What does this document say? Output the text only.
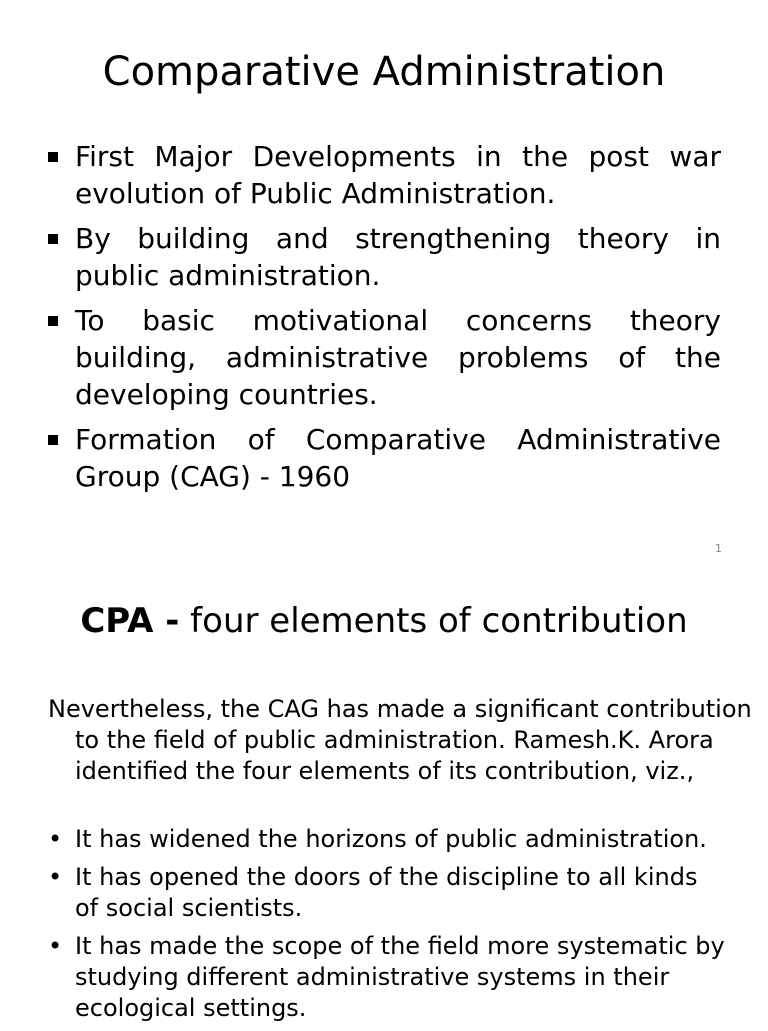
Comparative Administration
First Major Developments in the post war evolution of Public Administration.
By building and strengthening theory in public administration.
To basic motivational concerns theory building, administrative problems of the developing countries.
Formation of Comparative Administrative Group (CAG) - 1960
1
CPA - four elements of contribution
Nevertheless, the CAG has made a significant contribution to the field of public administration. Ramesh.K. Arora identified the four elements of its contribution, viz.,
• It has widened the horizons of public administration.
• It has opened the doors of the discipline to all kinds of social scientists.
• It has made the scope of the field more systematic by studying different administrative systems in their ecological settings.
